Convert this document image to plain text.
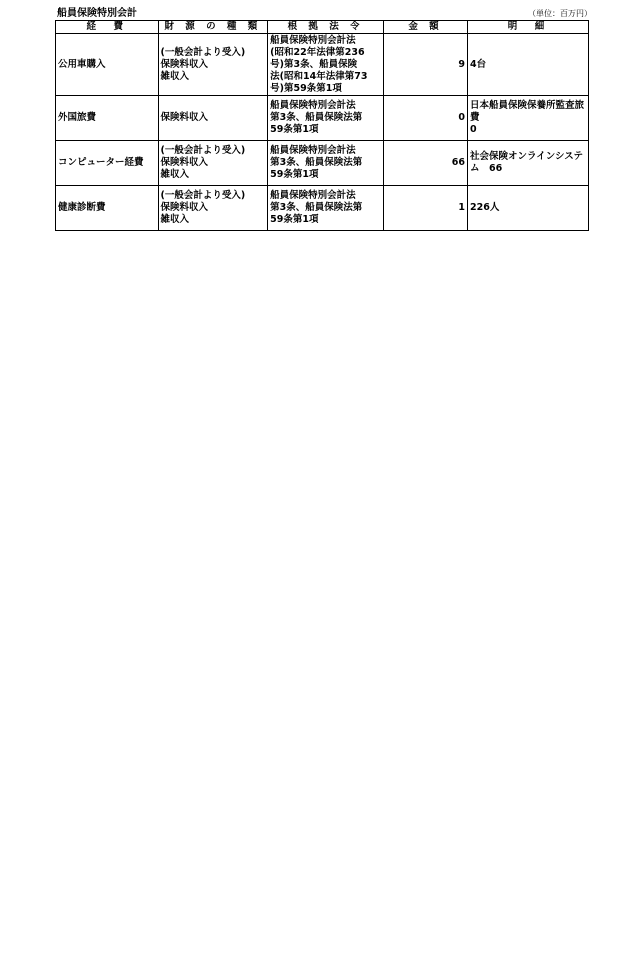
船員保険特別会計	（単位：百万円）
経　費	財 源 の 種 類	根 拠 法 令	金 額	明　細
公用車購入	(一般会計より受入)
保険料収入
雑収入	船員保険特別会計法
(昭和22年法律第236
号)第3条、船員保険
法(昭和14年法律第73
号)第59条第1項	9	4台
外国旅費	保険料収入	船員保険特別会計法
第3条、船員保険法第
59条第1項	0	日本船員保険保養所監査旅費
0
コンピューター経費	(一般会計より受入)
保険料収入
雑収入	船員保険特別会計法
第3条、船員保険法第
59条第1項	66	社会保険オンラインシステム　66
健康診断費	(一般会計より受入)
保険料収入
雑収入	船員保険特別会計法
第3条、船員保険法第
59条第1項	1	226人
